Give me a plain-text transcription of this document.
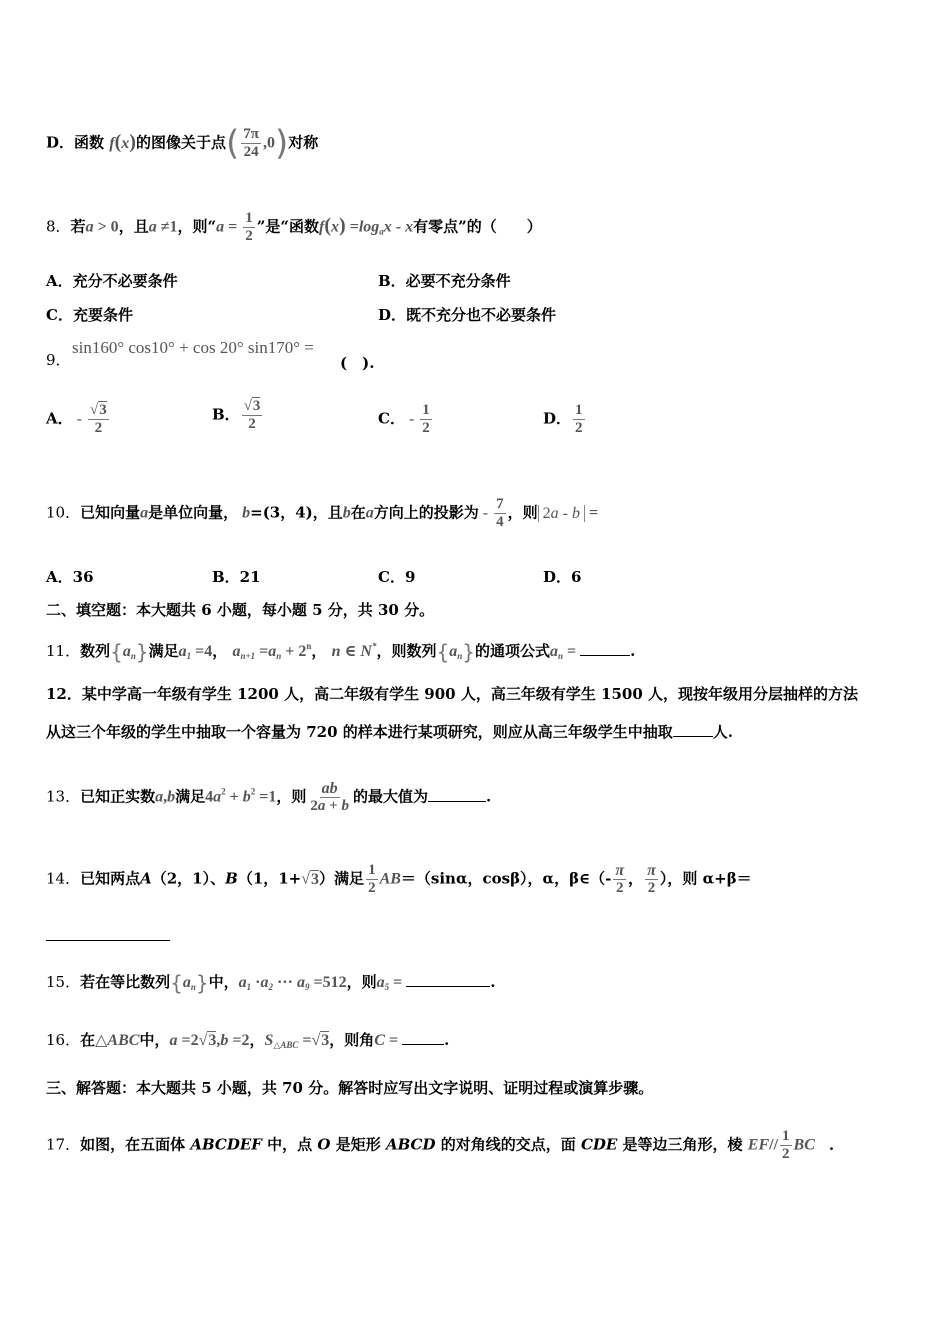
D．函数 f(x)的图像关于点( $\frac{7\pi}{24} ,0$)对称
8．若a > 0，且a ≠1，则“$a = \frac{1}{2}$ ”是“函数$f(x) =\log_ax - x$有零点”的（　　）
A．充分不必要条件	B．必要不充分条件
C．充要条件	D．既不充分也不必要条件
9．
sin160° cos10° + cos 20° sin170° =
(　).
A． - $\frac{√3}{2}$	B． $\frac{√3}{2}$	C． - $\frac{1}{2}$	D． $\frac{1}{2}$
10．已知向量a是单位向量， b=(3，4)，且b在a方向上的投影为 - $\frac{7}{4}$ ，则 2a - b =
A．36	B．21	C．9	D．6
二、填空题：本大题共 6 小题，每小题 5 分，共 30 分。
11．数列$\{a_n\}$满足$a_1 =4$， $a_{n+1} =a_n + 2^n$， n ∈ N*，则数列$\{a_n\}$的通项公式$a_n$ =	.
12．某中学高一年级有学生 1200 人，高二年级有学生 900 人，高三年级有学生 1500 人，现按年级用分层抽样的方法
从这三个年级的学生中抽取一个容量为 720 的样本进行某项研究，则应从高三年级学生中抽取	人.
13．已知正实数a,b满足$4a^2 + b^2 =1$，则 $\frac{ab}{2a + b}$ 的最大值为	.
14．已知两点A（2，1）、B（1，1+√3）满足 $\frac{1}{2} AB=(\sin\alpha$，cosβ），α，β∈（- $\frac{\pi}{2}$ ， $\frac{\pi}{2}$ ），则 α+β＝
15．若在等比数列$\{a_n\}$中，$a_1 \cdot a_2$ ··· $a_9 =512$，则$a_5$ =	.
16．在△ABC中，a =2√3,b =2，$S_{\triangle ABC} =√3$，则角C =	.
三、解答题：本大题共 5 小题，共 70 分。解答时应写出文字说明、证明过程或演算步骤。
17．如图，在五面体 ABCDEF 中，点 O 是矩形 ABCD 的对角线的交点，面 CDE 是等边三角形，棱 $EF// \frac{1}{2}$ BC .
